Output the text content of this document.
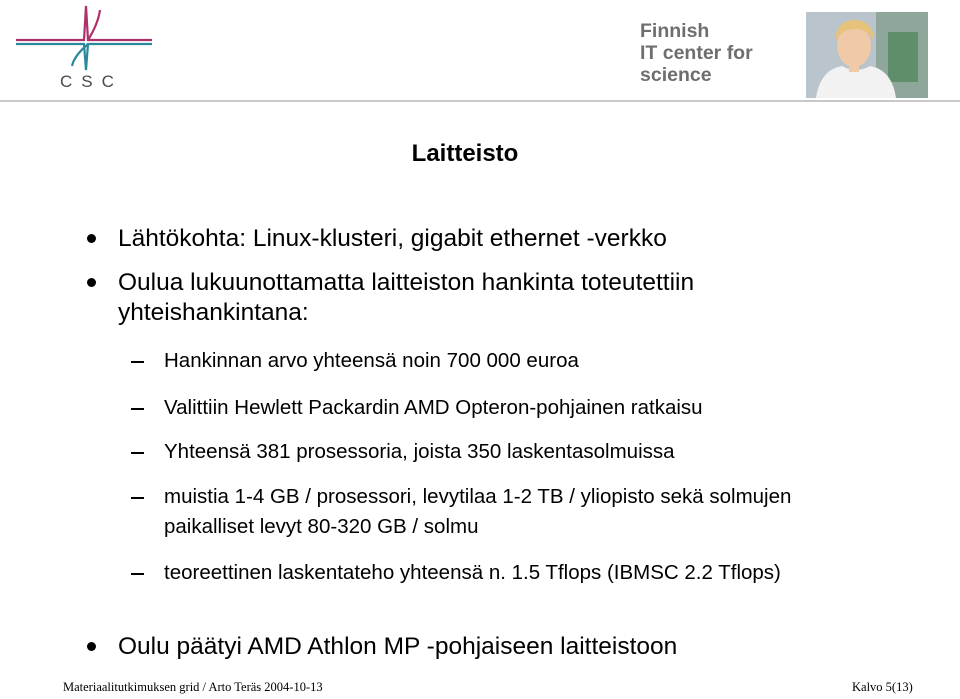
CSC
Finnish
IT center for
science
Laitteisto
Lähtökohta: Linux-klusteri, gigabit ethernet -verkko
Oulua lukuunottamatta laitteiston hankinta toteutettiin yhteishankintana:
Hankinnan arvo yhteensä noin 700 000 euroa
Valittiin Hewlett Packardin AMD Opteron-pohjainen ratkaisu
Yhteensä 381 prosessoria, joista 350 laskentasolmuissa
muistia 1-4 GB / prosessori, levytilaa 1-2 TB / yliopisto sekä solmujen paikalliset levyt 80-320 GB / solmu
teoreettinen laskentateho yhteensä n. 1.5 Tflops (IBMSC 2.2 Tflops)
Oulu päätyi AMD Athlon MP -pohjaiseen laitteistoon
Materiaalitutkimuksen grid / Arto Teräs 2004-10-13	Kalvo 5(13)
